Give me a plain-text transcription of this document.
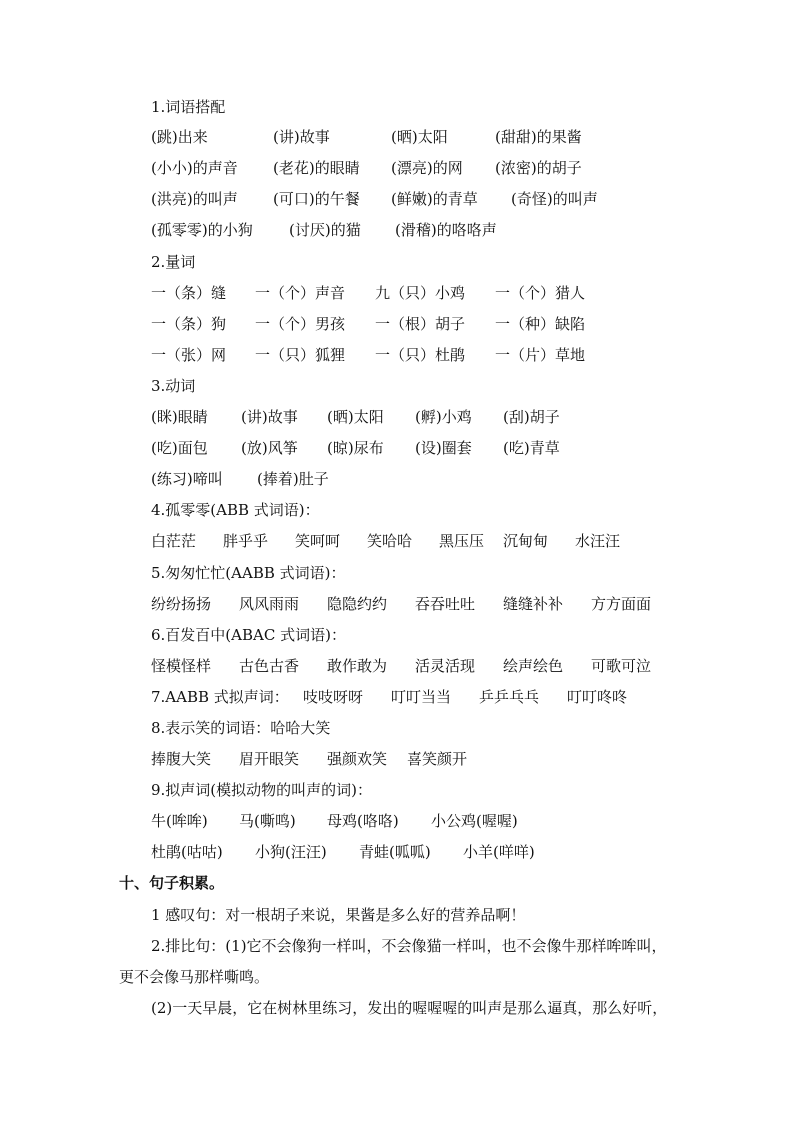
1.词语搭配
(跳)出来	(讲)故事	(晒)太阳	(甜甜)的果酱
(小小)的声音 (老花)的眼睛 (漂亮)的网 (浓密)的胡子
(洪亮)的叫声 (可口)的午餐 (鲜嫩)的青草 (奇怪)的叫声
(孤零零)的小狗 (讨厌)的猫 (滑稽)的咯咯声
2.量词
一（条）缝 一（个）声音 九（只）小鸡 一（个）猎人
一（条）狗 一（个）男孩 一（根）胡子 一（种）缺陷
一（张）网 一（只）狐狸 一（只）杜鹃 一（片）草地
3.动词
(眯)眼睛 (讲)故事 (晒)太阳 (孵)小鸡 (刮)胡子
(吃)面包 (放)风筝 (晾)尿布 (设)圈套 (吃)青草
(练习)啼叫 (捧着)肚子
4.孤零零(ABB 式词语)：
白茫茫 胖乎乎 笑呵呵 笑哈哈 黑压压 沉甸甸 水汪汪
5.匆匆忙忙(AABB 式词语)：
纷纷扬扬 风风雨雨 隐隐约约 吞吞吐吐 缝缝补补 方方面面
6.百发百中(ABAC 式词语)：
怪模怪样 古色古香 敢作敢为 活灵活现 绘声绘色 可歌可泣
7.AABB 式拟声词： 吱吱呀呀 叮叮当当 乒乒乓乓 叮叮咚咚
8.表示笑的词语：哈哈大笑
捧腹大笑 眉开眼笑 强颜欢笑 喜笑颜开
9.拟声词(模拟动物的叫声的词)：
牛(哞哞) 马(嘶鸣) 母鸡(咯咯) 小公鸡(喔喔)
杜鹃(咕咕) 小狗(汪汪) 青蛙(呱呱) 小羊(咩咩)
十、句子积累。
1 感叹句：对一根胡子来说，果酱是多么好的营养品啊！
2.排比句：(1)它不会像狗一样叫，不会像猫一样叫，也不会像牛那样哞哞叫，
更不会像马那样嘶鸣。
(2)一天早晨，它在树林里练习，发出的喔喔喔的叫声是那么逼真，那么好听，
